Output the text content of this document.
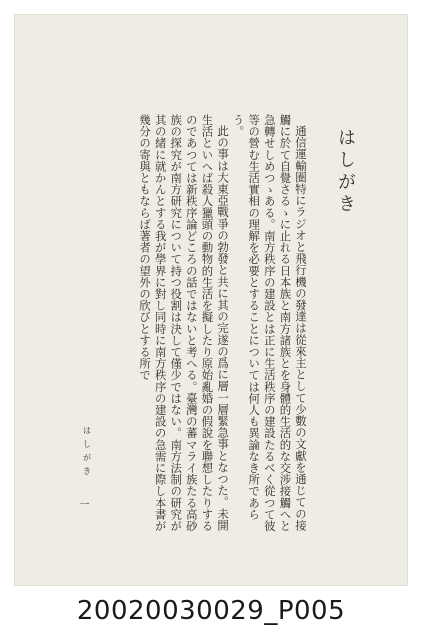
はしがき

通信運輸圏特にラジオと飛行機の發達は從來主として少數の文獻を通じての接觸に於て自覺さるゝに止れる日本族と南方諸族とを身體的生活的な交涉接觸へと急轉せしめつゝある。南方秩序の建設とは正に生活秩序の建設たるべく從つて彼等の營む生活實相の理解を必要とすることについては何人も異論なき所であらう。

此の事は大東亞戰爭の勃發と共に其の完遂の爲に層一層緊急事となつた。未開生活といへば殺人獵頭の動物的生活を擬したり原始亂婚の假說を聯想したりするのであつては新秩序論どころの話ではないと考へる。臺灣の蕃マライ族たる高砂族の探究が南方研究について持つ役割は決して僅少ではない。南方法制の研究が其の緒に就かんとする我が學界に對し同時に南方秩序の建設の急需に際し本書が幾分の寄與ともならば著者の望外の欣びとする所で

はしがき
一
20020030029_P005
